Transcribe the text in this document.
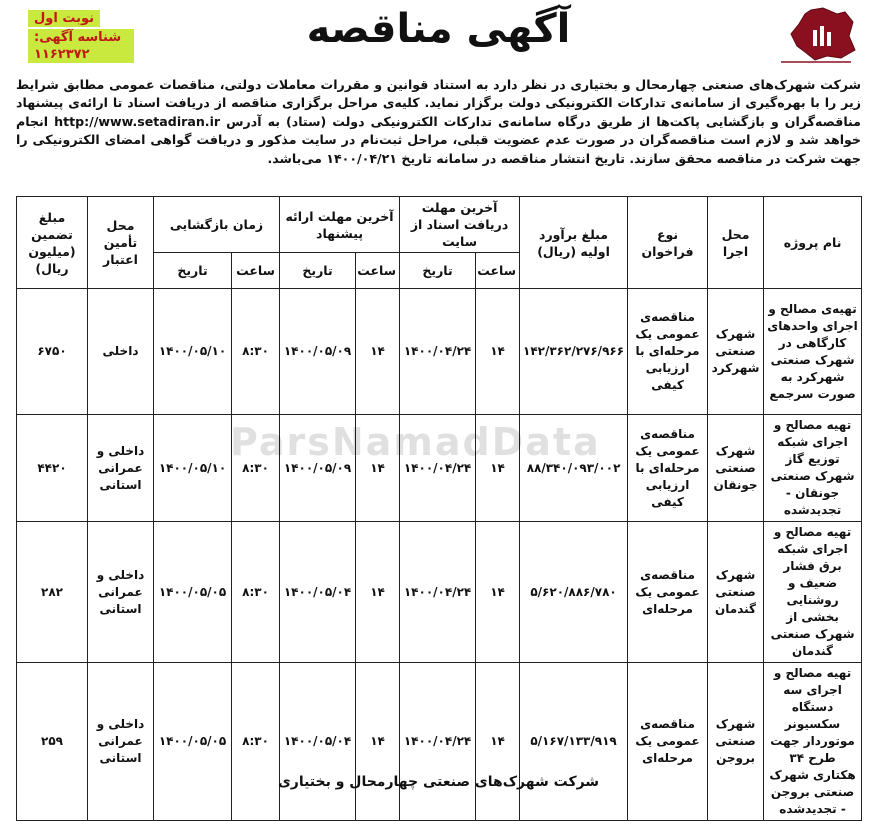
نوبت اول
شناسه آگهی: ۱۱۶۲۳۷۲
آگهی مناقصه
شرکت شهرک‌های صنعتی چهارمحال و بختیاری در نظر دارد به استناد قوانین و مقررات معاملات دولتی، مناقصات عمومی مطابق شرایط زیر را با بهره‌گیری از سامانه‌ی تدارکات الکترونیکی دولت برگزار نماید. کلیه‌ی مراحل برگزاری مناقصه از دریافت اسناد تا ارائه‌ی پیشنهاد مناقصه‌گران و بازگشایی پاکت‌ها از طریق درگاه سامانه‌ی تدارکات الکترونیکی دولت (ستاد) به آدرس http://www.setadiran.ir انجام خواهد شد و لازم است مناقصه‌گران در صورت عدم عضویت قبلی، مراحل ثبت‌نام در سایت مذکور و دریافت گواهی امضای الکترونیکی را جهت شرکت در مناقصه محقق سازند. تاریخ انتشار مناقصه در سامانه تاریخ ۱۴۰۰/۰۴/۲۱ می‌باشد.
نام پروژه	محل اجرا	نوع فراخوان	مبلغ برآورد اولیه (ریال)	آخرین مهلت دریافت اسناد از سایت		آخرین مهلت ارائه پیشنهاد		زمان بازگشایی		محل تأمین اعتبار	مبلغ تضمین (میلیون ریال)
				ساعت	تاریخ	ساعت	تاریخ	ساعت	تاریخ		
تهیه‌ی مصالح و اجرای واحدهای کارگاهی در شهرک صنعتی شهرکرد به صورت سرجمع	شهرک صنعتی شهرکرد	مناقصه‌ی عمومی یک مرحله‌ای با ارزیابی کیفی	۱۴۲/۳۶۲/۲۷۶/۹۶۶	۱۴	۱۴۰۰/۰۴/۲۴	۱۴	۱۴۰۰/۰۵/۰۹	۸:۳۰	۱۴۰۰/۰۵/۱۰	داخلی	۶۷۵۰
تهیه مصالح و اجرای شبکه توزیع گاز شهرک صنعتی جونقان - تجدیدشده	شهرک صنعتی جونقان	مناقصه‌ی عمومی یک مرحله‌ای با ارزیابی کیفی	۸۸/۳۴۰/۰۹۳/۰۰۲	۱۴	۱۴۰۰/۰۴/۲۴	۱۴	۱۴۰۰/۰۵/۰۹	۸:۳۰	۱۴۰۰/۰۵/۱۰	داخلی و عمرانی استانی	۴۴۲۰
تهیه مصالح و اجرای شبکه برق فشار ضعیف و روشنایی بخشی از شهرک صنعتی گندمان	شهرک صنعتی گندمان	مناقصه‌ی عمومی یک مرحله‌ای	۵/۶۲۰/۸۸۶/۷۸۰	۱۴	۱۴۰۰/۰۴/۲۴	۱۴	۱۴۰۰/۰۵/۰۴	۸:۳۰	۱۴۰۰/۰۵/۰۵	داخلی و عمرانی استانی	۲۸۲
تهیه مصالح و اجرای سه دستگاه سکسیونر موتوردار جهت طرح ۳۴ هکتاری شهرک صنعتی بروجن - تجدیدشده	شهرک صنعتی بروجن	مناقصه‌ی عمومی یک مرحله‌ای	۵/۱۶۷/۱۳۳/۹۱۹	۱۴	۱۴۰۰/۰۴/۲۴	۱۴	۱۴۰۰/۰۵/۰۴	۸:۳۰	۱۴۰۰/۰۵/۰۵	داخلی و عمرانی استانی	۲۵۹
ParsNamadData
شرکت شهرک‌های صنعتی چهارمحال و بختیاری
